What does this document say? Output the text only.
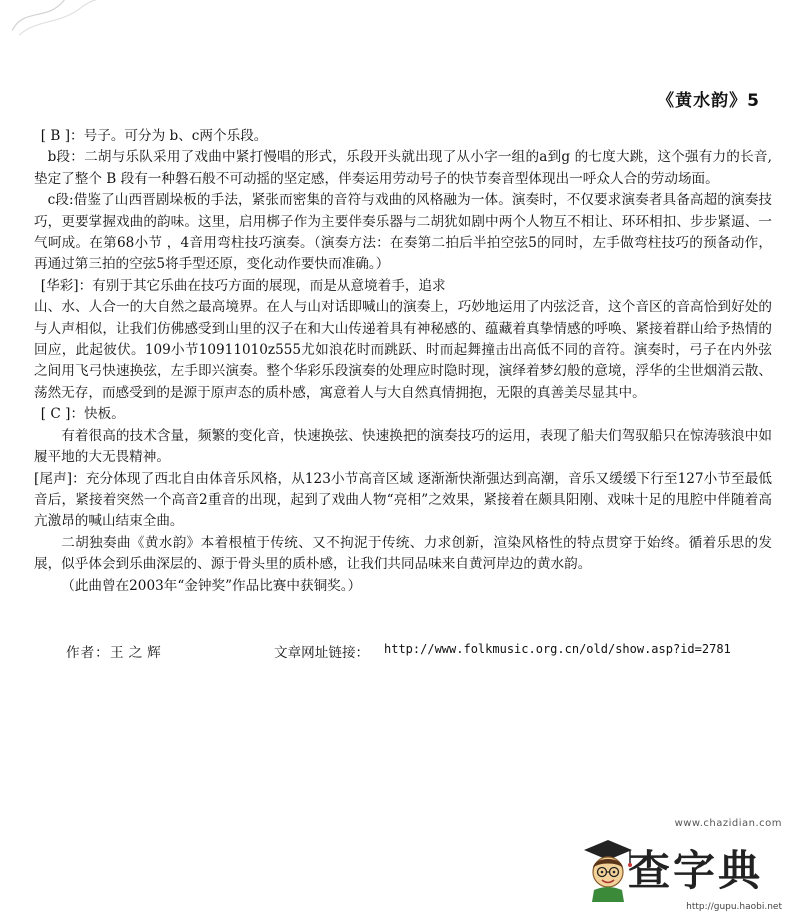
《黄水韵》5

[ B ]：号子。可分为 b、c两个乐段。

b段：二胡与乐队采用了戏曲中紧打慢唱的形式，乐段开头就出现了从小字一组的a到g 的七度大跳，这个强有力的长音,垫定了整个 B 段有一种磐石般不可动摇的坚定感，伴奏运用劳动号子的快节奏音型体现出一呼众人合的劳动场面。

c段:借鉴了山西晋剧垛板的手法，紧张而密集的音符与戏曲的风格融为一体。演奏时，不仅要求演奏者具备高超的演奏技巧，更要掌握戏曲的韵味。这里，启用梆子作为主要伴奏乐器与二胡犹如剧中两个人物互不相让、环环相扣、步步紧逼、一气呵成。在第68小节 ，4音用弯柱技巧演奏。（演奏方法：在奏第二拍后半拍空弦5的同时，左手做弯柱技巧的预备动作，再通过第三拍的空弦5将手型还原，变化动作要快而准确。）

[华彩]：有别于其它乐曲在技巧方面的展现，而是从意境着手，追求

山、水、人合一的大自然之最高境界。在人与山对话即喊山的演奏上，巧妙地运用了内弦泛音，这个音区的音高恰到好处的与人声相似，让我们仿佛感受到山里的汉子在和大山传递着具有神秘感的、蕴藏着真挚情感的呼唤、紧接着群山给予热情的回应，此起彼伏。109小节10911010z555尤如浪花时而跳跃、时而起舞撞击出高低不同的音符。演奏时，弓子在内外弦之间用飞弓快速换弦，左手即兴演奏。整个华彩乐段演奏的处理应时隐时现，演绎着梦幻般的意境，浮华的尘世烟消云散、荡然无存，而感受到的是源于原声态的质朴感，寓意着人与大自然真情拥抱，无限的真善美尽显其中。

[ C ]：快板。

有着很高的技术含量，频繁的变化音，快速换弦、快速换把的演奏技巧的运用，表现了船夫们驾驭船只在惊涛骇浪中如履平地的大无畏精神。

[尾声]：充分体现了西北自由体音乐风格，从123小节高音区域 逐渐渐快渐强达到高潮，音乐又缓缓下行至127小节至最低音后，紧接着突然一个高音2重音的出现，起到了戏曲人物“亮相”之效果，紧接着在颇具阳刚、戏味十足的甩腔中伴随着高亢激昂的喊山结束全曲。

二胡独奏曲《黄水韵》本着根植于传统、又不拘泥于传统、力求创新，渲染风格性的特点贯穿于始终。循着乐思的发展，似乎体会到乐曲深层的、源于骨头里的质朴感，让我们共同品味来自黄河岸边的黄水韵。

（此曲曾在2003年“金钟奖”作品比赛中获铜奖。）

作者： 王之辉	文章网址链接： http://www.folkmusic.org.cn/old/show.asp?id=2781
www.chazidian.com
查字典
http://gupu.haobi.net
